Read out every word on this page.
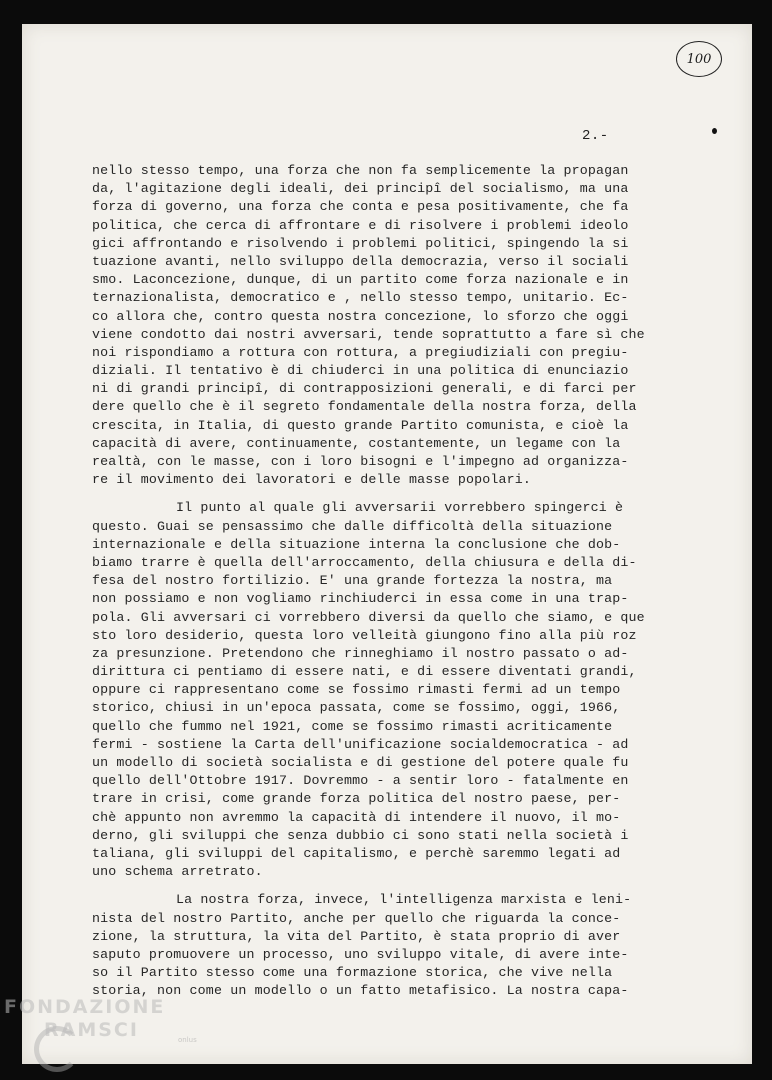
100
2.-
nello stesso tempo, una forza che non fa semplicemente la propagan
da, l'agitazione degli ideali, dei principî del socialismo, ma una
forza di governo, una forza che conta e pesa positivamente, che fa
politica, che cerca di affrontare e di risolvere i problemi ideolo
gici affrontando e risolvendo i problemi politici, spingendo la si
tuazione avanti, nello sviluppo della democrazia, verso il sociali
smo. Laconcezione, dunque, di un partito come forza nazionale e in
ternazionalista, democratico e , nello stesso tempo, unitario. Ec-
co allora che, contro questa nostra concezione, lo sforzo che oggi
viene condotto dai nostri avversari, tende soprattutto a fare sì che
noi rispondiamo a rottura con rottura, a pregiudiziali con pregiu-
diziali. Il tentativo è di chiuderci in una politica di enunciazio
ni di grandi principî, di contrapposizioni generali, e di farci per
dere quello che è il segreto fondamentale della nostra forza, della
crescita, in Italia, di questo grande Partito comunista, e cioè la
capacità di avere, continuamente, costantemente, un legame con la
realtà, con le masse, con i loro bisogni e l'impegno ad organizza-
re il movimento dei lavoratori e delle masse popolari.
Il punto al quale gli avversarii vorrebbero spingerci è
questo. Guai se pensassimo che dalle difficoltà della situazione
internazionale e della situazione interna la conclusione che dob-
biamo trarre è quella dell'arroccamento, della chiusura e della di-
fesa del nostro fortilizio. E' una grande fortezza la nostra, ma
non possiamo e non vogliamo rinchiuderci in essa come in una trap-
pola. Gli avversari ci vorrebbero diversi da quello che siamo, e que
sto loro desiderio, questa loro velleità giungono fino alla più roz
za presunzione. Pretendono che rinneghiamo il nostro passato o ad-
dirittura ci pentiamo di essere nati, e di essere diventati grandi,
oppure ci rappresentano come se fossimo rimasti fermi ad un tempo
storico, chiusi in un'epoca passata, come se fossimo, oggi, 1966,
quello che fummo nel 1921, come se fossimo rimasti acriticamente
fermi - sostiene la Carta dell'unificazione socialdemocratica - ad
un modello di società socialista e di gestione del potere quale fu
quello dell'Ottobre 1917. Dovremmo - a sentir loro - fatalmente en
trare in crisi, come grande forza politica del nostro paese, per-
chè appunto non avremmo la capacità di intendere il nuovo, il mo-
derno, gli sviluppi che senza dubbio ci sono stati nella società i
taliana, gli sviluppi del capitalismo, e perchè saremmo legati ad
uno schema arretrato.
La nostra forza, invece, l'intelligenza marxista e leni-
nista del nostro Partito, anche per quello che riguarda la conce-
zione, la struttura, la vita del Partito, è stata proprio di aver
saputo promuovere un processo, uno sviluppo vitale, di avere inte-
so il Partito stesso come una formazione storica, che vive nella
storia, non come un modello o un fatto metafisico. La nostra capa-
FONDAZIONE
RAMSCI	onlus
